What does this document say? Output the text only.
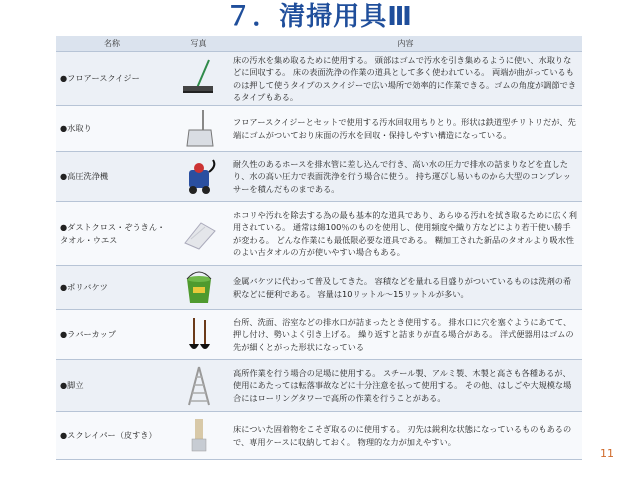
７．清掃用具Ⅲ
名称	写真	内容
●フロアースクイジー		床の汚水を集め取るために使用する。 頭部はゴムで汚水を引き集めるように使い、水取りなどに回収する。 床の表面洗浄の作業の道具として多く使われている。 両端が曲がっているものは押して使うタイプのスクイジーで広い場所で効率的に作業できる。ゴムの角度が調節できるタイプもある。
●水取り		フロアースクイジーとセットで使用する汚水回収用ちりとり。形状は鉄道型チリトリだが、先端にゴムがついており床面の汚水を回収・保持しやすい構造になっている。
●高圧洗浄機		耐久性のあるホースを排水管に差し込んで行き、高い水の圧力で排水の詰まりなどを直したり、水の高い圧力で表面洗浄を行う場合に使う。 持ち運びし易いものから大型のコンプレッサーを積んだものまである。
●ダストクロス・ぞうきん・タオル・ウエス		ホコリや汚れを除去する為の最も基本的な道具であり、あらゆる汚れを拭き取るために広く利用されている。 通常は綿100％のものを使用し、使用頻度や織り方などにより若干使い勝手が変わる。 どんな作業にも最低限必要な道具である。 糊加工された新品のタオルより吸水性のよい古タオルの方が使いやすい場合もある。
●ポリバケツ		金属バケツに代わって普及してきた。 容積などを量れる目盛りがついているものは洗剤の希釈などに便利である。 容量は10リットル～15リットルが多い。
●ラバーカップ		台所、洗面、浴室などの排水口が詰まったとき使用する。 排水口に穴を塞ぐようにあてて、押し付け、勢いよく引き上げる。 繰り返すと詰まりが直る場合がある。 洋式便器用はゴムの先が細くとがった形状になっている
●脚立		高所作業を行う場合の足場に使用する。 スチール製、アルミ製、木製と高さも各種あるが、使用にあたっては転落事故などに十分注意を払って使用する。 その他、はしごや大規模な場合にはローリングタワーで高所の作業を行うことがある。
●スクレイパー（皮すき）		床についた固着物をこそぎ取るのに使用する。 刃先は鋭利な状態になっているものもあるので、専用ケースに収納しておく。 物理的な力が加えやすい。
11
